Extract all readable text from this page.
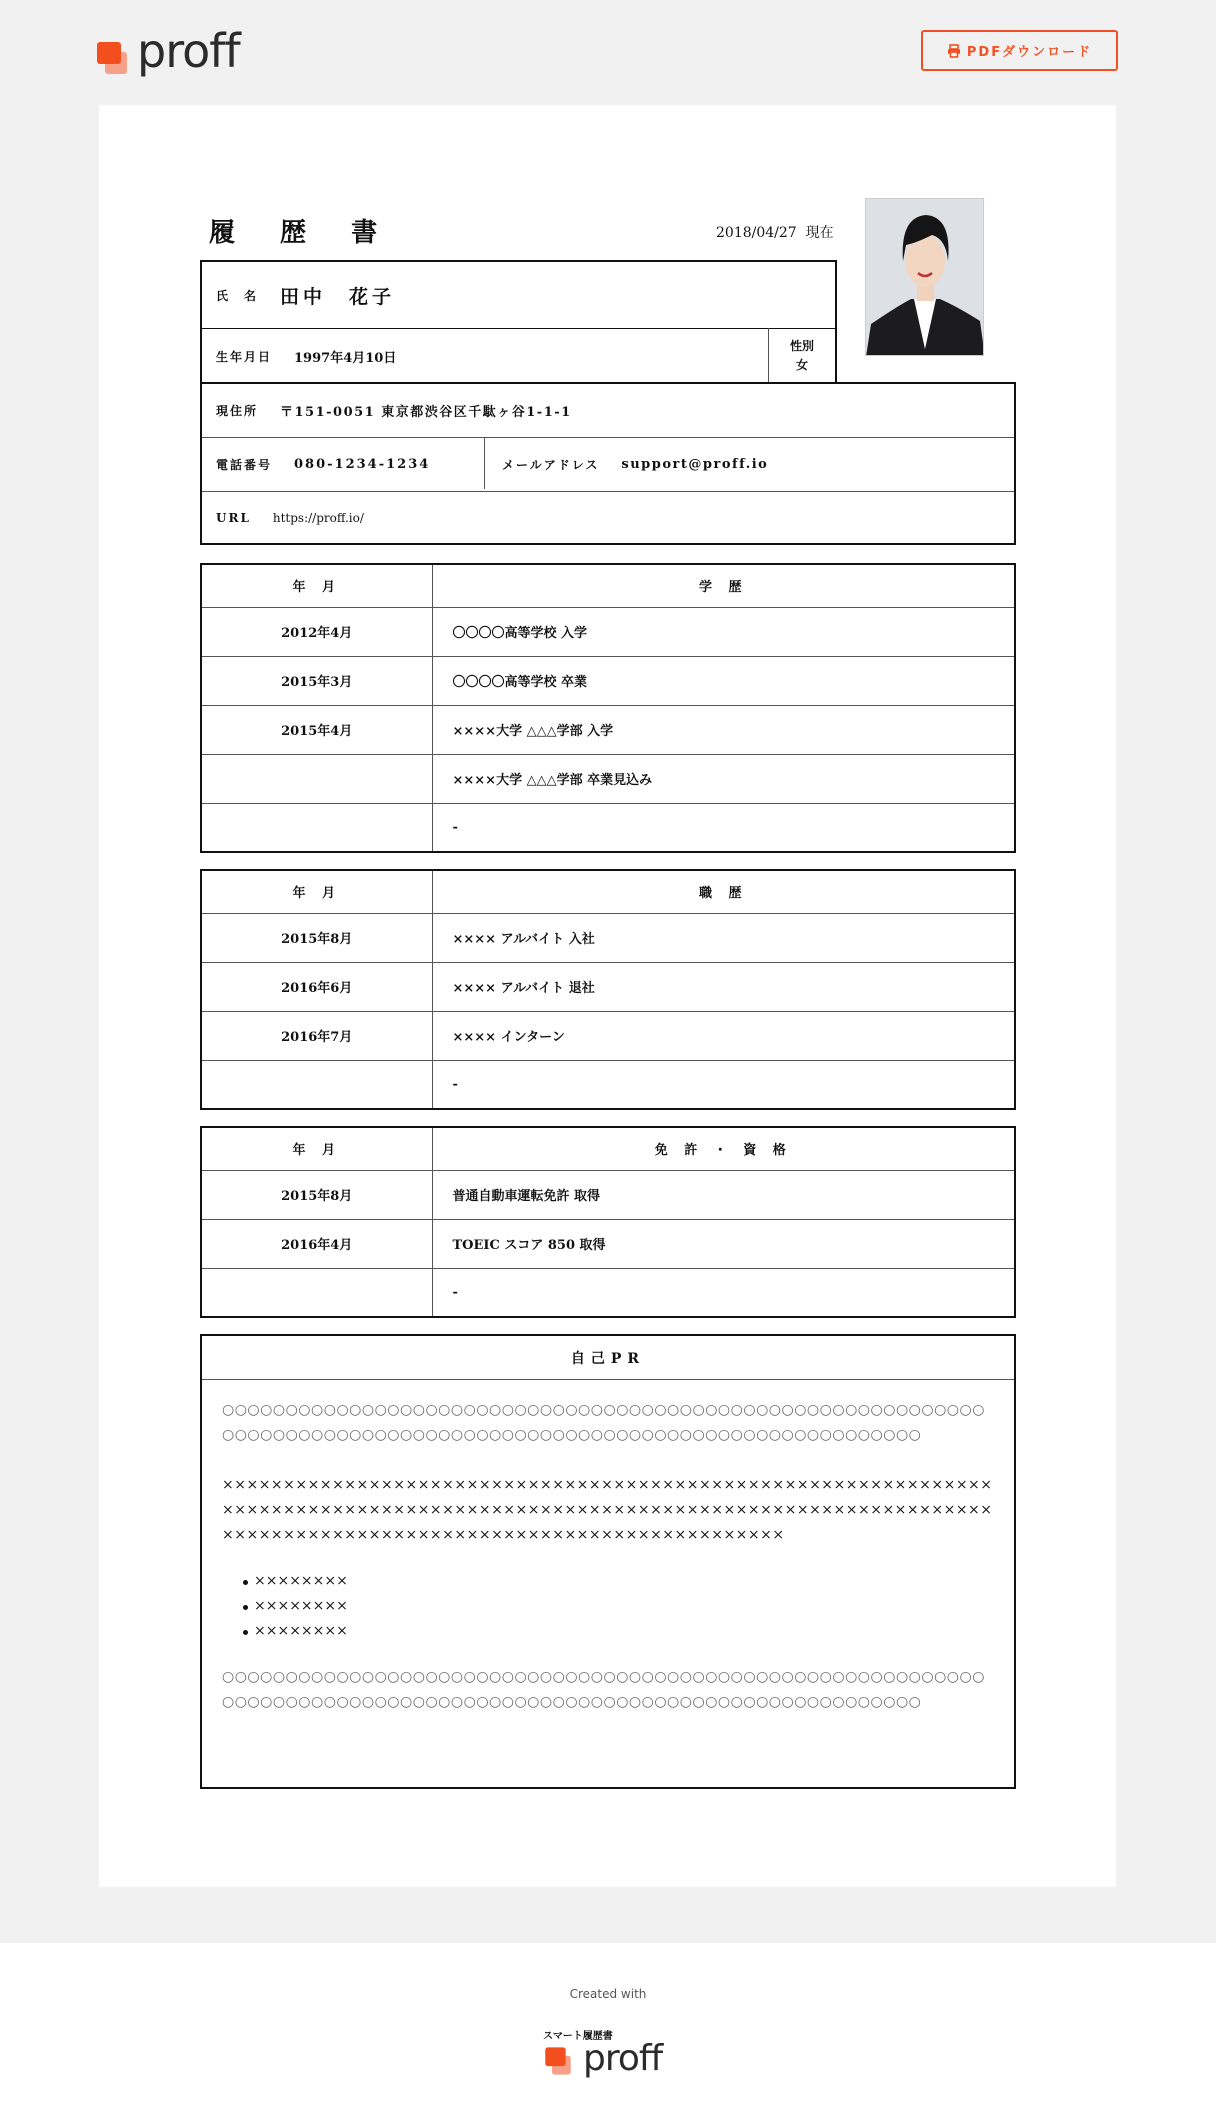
proff	PDFダウンロード
履 歴 書	2018/04/27 現在
氏　名 田中　花子
生年月日 1997年4月10日
性別
女
現住所 〒151-0051 東京都渋谷区千駄ヶ谷1-1-1
電話番号 080-1234-1234	メールアドレス support@proff.io
URL https://proff.io/
年 月	学 歴
2012年4月	〇〇〇〇高等学校 入学
2015年3月	〇〇〇〇高等学校 卒業
2015年4月	××××大学 △△△学部 入学
	××××大学 △△△学部 卒業見込み
	-
年 月	職 歴
2015年8月	×××× アルバイト 入社
2016年6月	×××× アルバイト 退社
2016年7月	×××× インターン
	-
年 月	免 許 ・ 資 格
2015年8月	普通自動車運転免許 取得
2016年4月	TOEIC スコア 850 取得
	-
自己PR

○○○○○○○○○○○○○○○○○○○○○○○○○○○○○○○○○○○○○○○○○○○○○○○○○○○○○○○○○○○○○○○○○○○○○○○○○○○○○○○○○○○○○○○○○○○○○○○○○○○○○○○○○○○○○○○○○○○

××××××××××××××××××××××××××××××××××××××××××××××××××××××××××××××××××××××××××××××××××××××××××××××××××××××××××××××××××××××××××××××××××××××××××××××××××××××××××××××××××××××××××××

××××××××
××××××××
××××××××

○○○○○○○○○○○○○○○○○○○○○○○○○○○○○○○○○○○○○○○○○○○○○○○○○○○○○○○○○○○○○○○○○○○○○○○○○○○○○○○○○○○○○○○○○○○○○○○○○○○○○○○○○○○○○○○○○○○

Created with
スマート履歴書
proff
